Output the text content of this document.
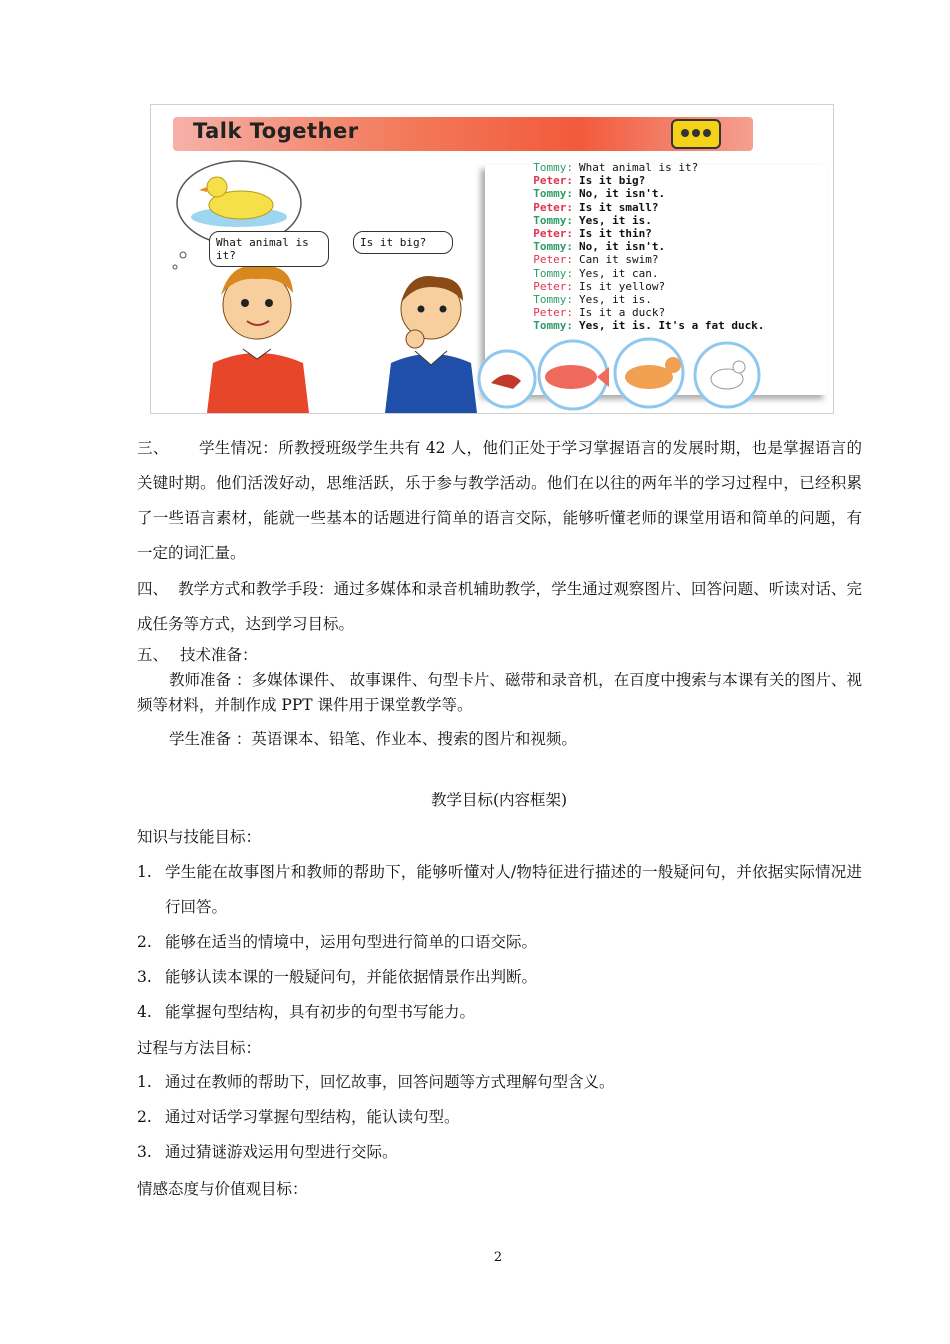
Talk Together
What animal is it?
Is it big?
Tommy: What animal is it?
Peter: Is it big?
Tommy: No, it isn't.
Peter: Is it small?
Tommy: Yes, it is.
Peter: Is it thin?
Tommy: No, it isn't.
Peter: Can it swim?
Tommy: Yes, it can.
Peter: Is it yellow?
Tommy: Yes, it is.
Peter: Is it a duck?
Tommy: Yes, it is. It's a fat duck.
三、 学生情况：所教授班级学生共有 42 人，他们正处于学习掌握语言的发展时期，也是掌握语言的关键时期。他们活泼好动，思维活跃，乐于参与教学活动。他们在以往的两年半的学习过程中，已经积累了一些语言素材，能就一些基本的话题进行简单的语言交际，能够听懂老师的课堂用语和简单的问题，有一定的词汇量。
四、 教学方式和教学手段：通过多媒体和录音机辅助教学，学生通过观察图片、回答问题、听读对话、完成任务等方式，达到学习目标。
五、 技术准备：
教师准备 ：多媒体课件、 故事课件、句型卡片、磁带和录音机，在百度中搜索与本课有关的图片、视频等材料，并制作成 PPT 课件用于课堂教学等。
学生准备 ：英语课本、铅笔、作业本、搜索的图片和视频。
教学目标(内容框架)
知识与技能目标：
1. 学生能在故事图片和教师的帮助下，能够听懂对人/物特征进行描述的一般疑问句，并依据实际情况进行回答。
2. 能够在适当的情境中，运用句型进行简单的口语交际。
3. 能够认读本课的一般疑问句，并能依据情景作出判断。
4. 能掌握句型结构，具有初步的句型书写能力。
过程与方法目标：
1. 通过在教师的帮助下，回忆故事，回答问题等方式理解句型含义。
2. 通过对话学习掌握句型结构，能认读句型。
3. 通过猜谜游戏运用句型进行交际。
情感态度与价值观目标：
2
